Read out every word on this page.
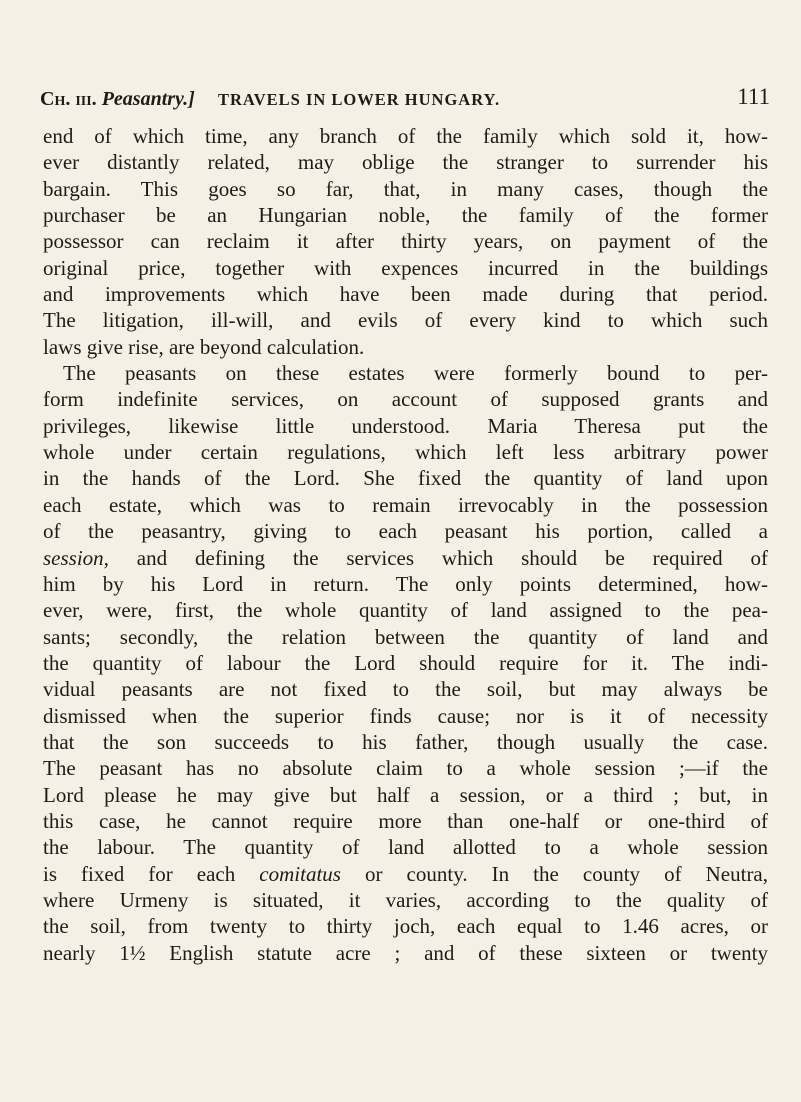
Ch. iii. Peasantry.] TRAVELS IN LOWER HUNGARY.	111
end of which time, any branch of the family which sold it, how-
ever distantly related, may oblige the stranger to surrender his
bargain. This goes so far, that, in many cases, though the
purchaser be an Hungarian noble, the family of the former
possessor can reclaim it after thirty years, on payment of the
original price, together with expences incurred in the buildings
and improvements which have been made during that period.
The litigation, ill-will, and evils of every kind to which such
laws give rise, are beyond calculation.
The peasants on these estates were formerly bound to per-
form indefinite services, on account of supposed grants and
privileges, likewise little understood. Maria Theresa put the
whole under certain regulations, which left less arbitrary power
in the hands of the Lord. She fixed the quantity of land upon
each estate, which was to remain irrevocably in the possession
of the peasantry, giving to each peasant his portion, called a
session, and defining the services which should be required of
him by his Lord in return. The only points determined, how-
ever, were, first, the whole quantity of land assigned to the pea-
sants; secondly, the relation between the quantity of land and
the quantity of labour the Lord should require for it. The indi-
vidual peasants are not fixed to the soil, but may always be
dismissed when the superior finds cause; nor is it of necessity
that the son succeeds to his father, though usually the case.
The peasant has no absolute claim to a whole session ;—if the
Lord please he may give but half a session, or a third ; but, in
this case, he cannot require more than one-half or one-third of
the labour. The quantity of land allotted to a whole session
is fixed for each comitatus or county. In the county of Neutra,
where Urmeny is situated, it varies, according to the quality of
the soil, from twenty to thirty joch, each equal to 1.46 acres, or
nearly 1½ English statute acre ; and of these sixteen or twenty
